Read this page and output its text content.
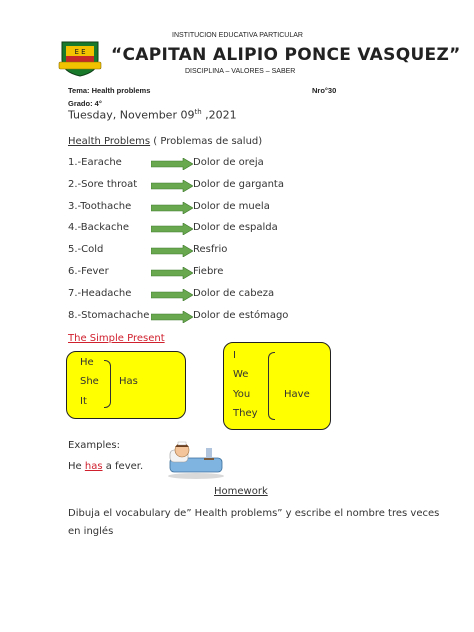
INSTITUCION EDUCATIVA PARTICULAR
E E “CAPITAN ALIPIO PONCE VASQUEZ”
DISCIPLINA – VALORES – SABER
Tema: Health problems	Nro°30
Grado: 4°
Tuesday, November 09th ,2021
Health Problems ( Problemas de salud)
1.-Earache	Dolor de oreja
2.-Sore throat	Dolor de garganta
3.-Toothache	Dolor de muela
4.-Backache	Dolor de espalda
5.-Cold	Resfrio
6.-Fever	Fiebre
7.-Headache	Dolor de cabeza
8.-Stomachache	Dolor de estómago
The Simple Present
He
She
It
Has
I
We
You
They
Have
Examples:
He has a fever.
Homework
Dibuja el vocabulary de” Health problems” y escribe el nombre tres veces
en inglés
